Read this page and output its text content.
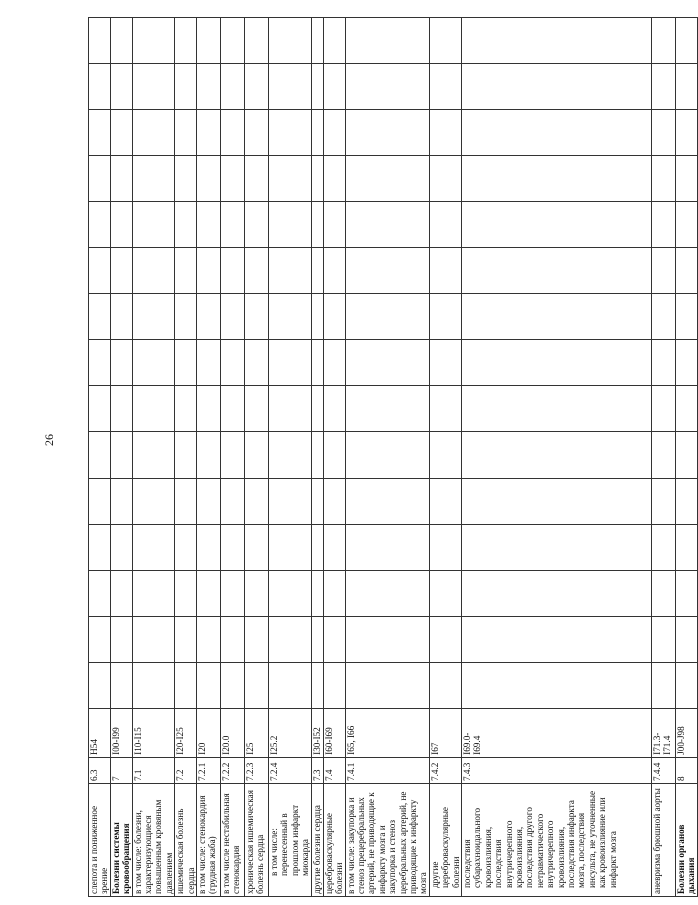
26
слепота и пониженное зрение	6.3	H54															
Болезни системы кровообращения	7	I00-I99															
в том числе: болезни, характеризующиеся повышенным кровяным давлением	7.1	I10-I15															
ишемическая болезнь сердца	7.2	I20-I25															
в том числе: стенокардия (грудная жаба)	7.2.1	I20															
в том числе нестабильная стенокардия	7.2.2	I20.0															
хроническая ишемическая болезнь сердца	7.2.3	I25															
в том числе: перенесенный в прошлом инфаркт миокарда	7.2.4	I25.2															
другие болезни сердца	7.3	I30-I52															
цереброваскулярные болезни	7.4	I60-I69															
в том числе: закупорка и стеноз прецеребральных артерий, не приводящие к инфаркту мозга и закупорка и стеноз церебральных артерий, не приводящие к инфаркту мозга	7.4.1	I65, I66															
другие цереброваскулярные болезни	7.4.2	I67															
последствия субарахноидального кровоизлияния, последствия внутричерепного кровоизлияния, последствия другого нетравматического внутричерепного кровоизлияния, последствия инфаркта мозга, последствия инсульта, не уточненные как кровоизлияние или инфаркт мозга	7.4.3	I69.0-
I69.4															
аневризма брюшной аорты	7.4.4	I71.3-
I71.4															
Болезни органов дыхания	8	J00-J98															
